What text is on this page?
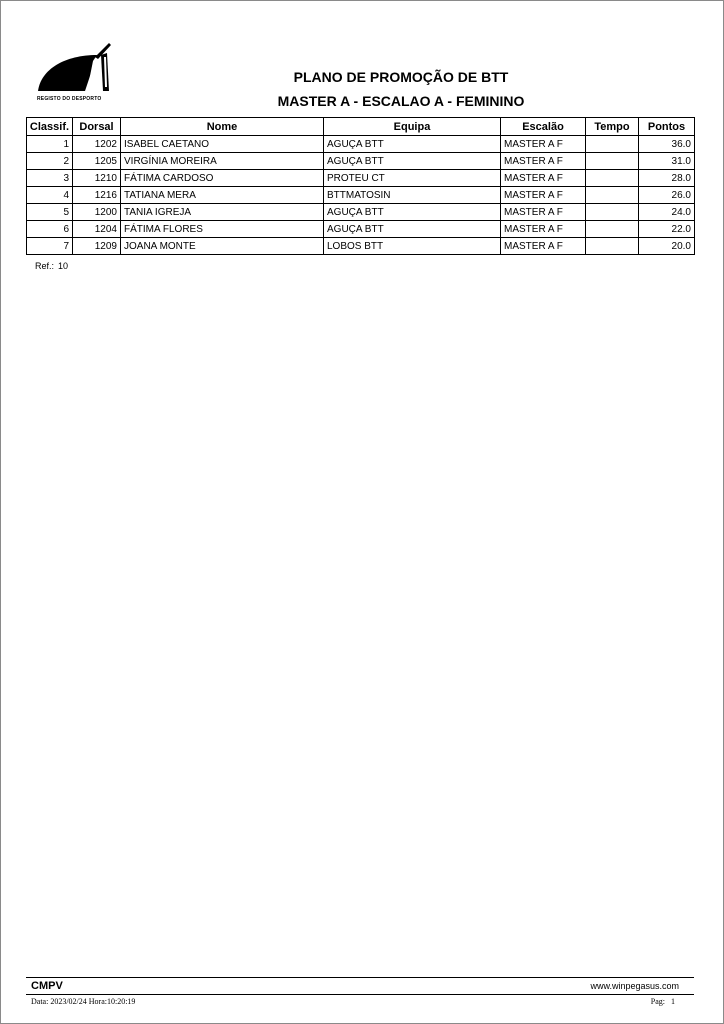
REGISTO DO DESPORTO
PLANO DE PROMOÇÃO DE BTT
MASTER A - ESCALAO A - FEMININO
Classif.	Dorsal	Nome	Equipa	Escalão	Tempo	Pontos
1	1202	ISABEL CAETANO	AGUÇA BTT	MASTER A F		36.0
2	1205	VIRGÍNIA MOREIRA	AGUÇA BTT	MASTER A F		31.0
3	1210	FÁTIMA CARDOSO	PROTEU CT	MASTER A F		28.0
4	1216	TATIANA MERA	BTTMATOSIN	MASTER A F		26.0
5	1200	TANIA IGREJA	AGUÇA BTT	MASTER A F		24.0
6	1204	FÁTIMA FLORES	AGUÇA BTT	MASTER A F		22.0
7	1209	JOANA MONTE	LOBOS BTT	MASTER A F		20.0
Ref.: 10
CMPV	www.winpegasus.com
Data: 2023/02/24 Hora:10:20:19	Pag: 1
